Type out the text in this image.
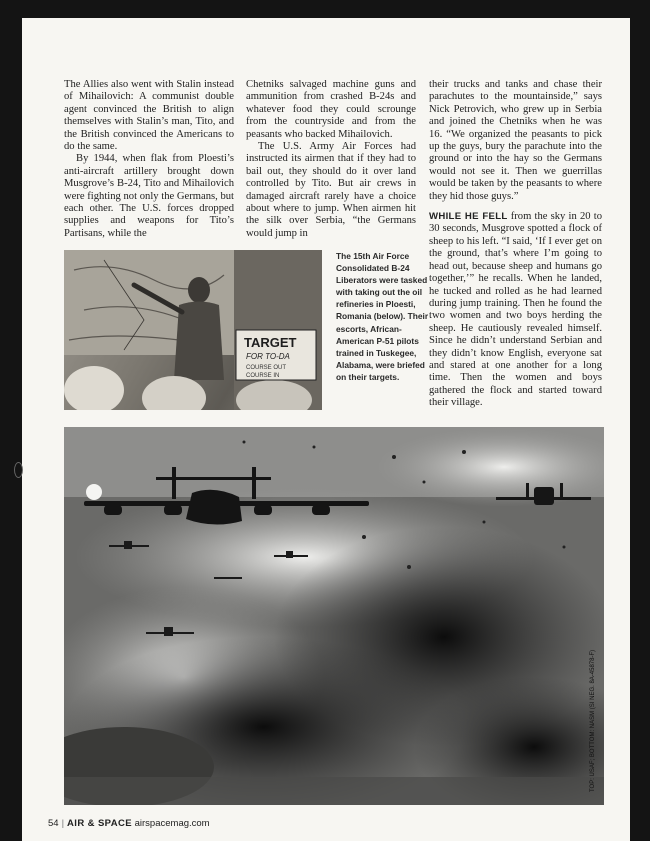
The Allies also went with Stalin instead of Mihailovich: A communist double agent convinced the British to align themselves with Stalin’s man, Tito, and the British convinced the Americans to do the same.

By 1944, when flak from Ploesti’s anti-aircraft artillery brought down Musgrove’s B-24, Tito and Mihailovich were fighting not only the Germans, but each other. The U.S. forces dropped supplies and weapons for Tito’s Partisans, while the

Chetniks salvaged machine guns and ammunition from crashed B-24s and whatever food they could scrounge from the countryside and from the peasants who backed Mihailovich.

The U.S. Army Air Forces had instructed its airmen that if they had to bail out, they should do it over land controlled by Tito. But air crews in damaged aircraft rarely have a choice about where to jump. When airmen hit the silk over Serbia, “the Germans would jump in

their trucks and tanks and chase their parachutes to the mountainside,” says Nick Petrovich, who grew up in Serbia and joined the Chetniks when he was 16. “We organized the peasants to pick up the guys, bury the parachute into the ground or into the hay so the Germans would not see it. Then we guerrillas would be taken by the peasants to where they hid those guys.”

WHILE HE FELL from the sky in 20 to 30 seconds, Musgrove spotted a flock of sheep to his left. “I said, ‘If I ever get on the ground, that’s where I’m going to head out, because sheep and humans go together,’” he recalls. When he landed, he tucked and rolled as he had learned during jump training. Then he found the two women and two boys herding the sheep. He cautiously revealed himself. Since he didn’t understand Serbian and they didn’t know English, everyone sat and stared at one another for a long time. Then the women and boys gathered the flock and started toward their village.

TARGET
FOR TO-DA
COURSE OUT
COURSE IN
The 15th Air Force Consolidated B-24 Liberators were tasked with taking out the oil refineries in Ploesti, Romania (below). Their escorts, African-American P-51 pilots trained in Tuskegee, Alabama, were briefed on their targets.
TOP: USAF; BOTTOM: NASM (SI NEG. 8A-45878-F)
54 | AIR & SPACE airspacemag.com
